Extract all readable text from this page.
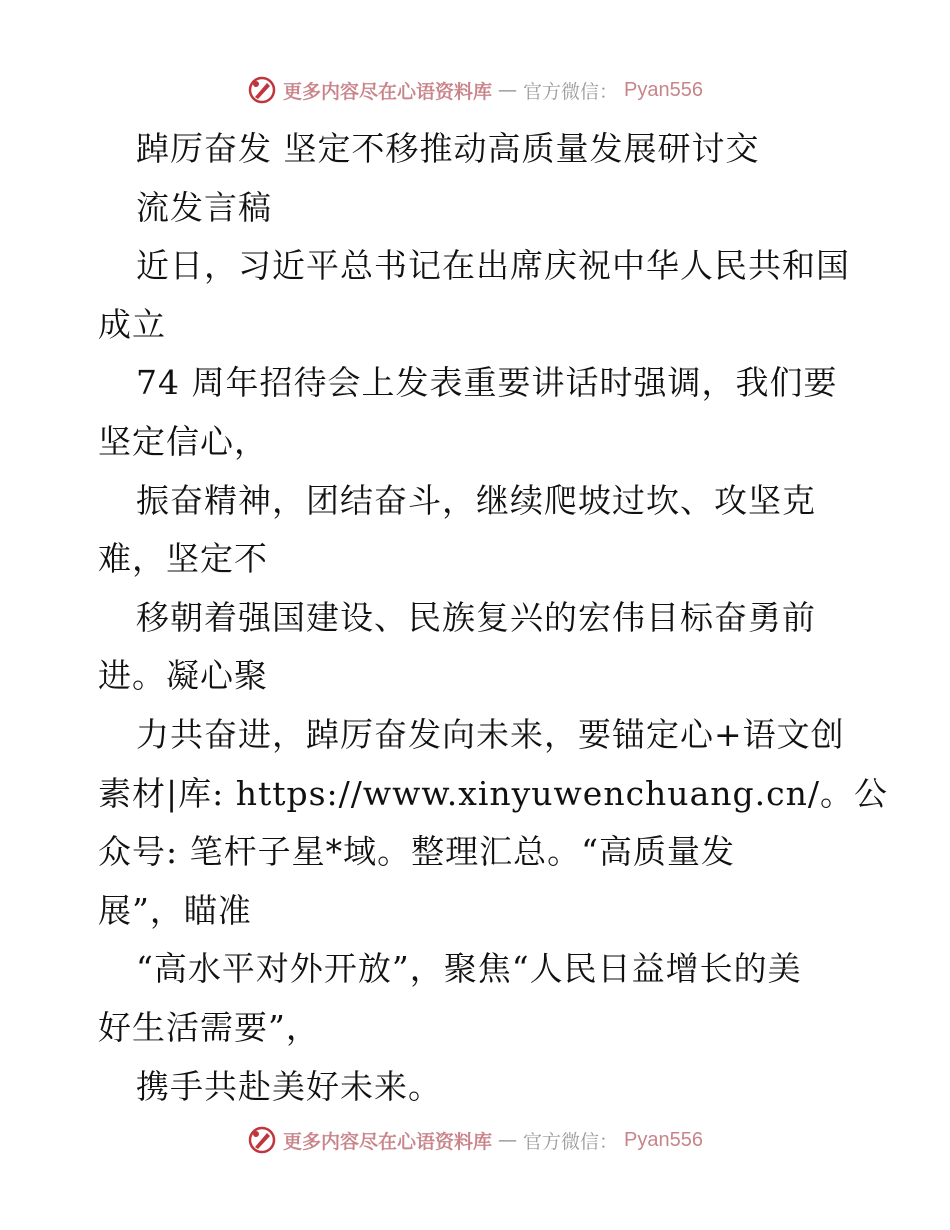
更多内容尽在心语资料库 — 官方微信： Pyan556
踔厉奋发 坚定不移推动高质量发展研讨交
流发言稿
近日，习近平总书记在出席庆祝中华人民共和国
成立
74 周年招待会上发表重要讲话时强调，我们要
坚定信心，
振奋精神，团结奋斗，继续爬坡过坎、攻坚克
难，坚定不
移朝着强国建设、民族复兴的宏伟目标奋勇前
进。凝心聚
力共奋进，踔厉奋发向未来，要锚定心+语文创
素材|库: https://www.xinyuwenchuang.cn/。公
众号: 笔杆子星*域。整理汇总。“高质量发
展”，瞄准
“高水平对外开放”，聚焦“人民日益增长的美
好生活需要”，
携手共赴美好未来。
更多内容尽在心语资料库 — 官方微信： Pyan556
